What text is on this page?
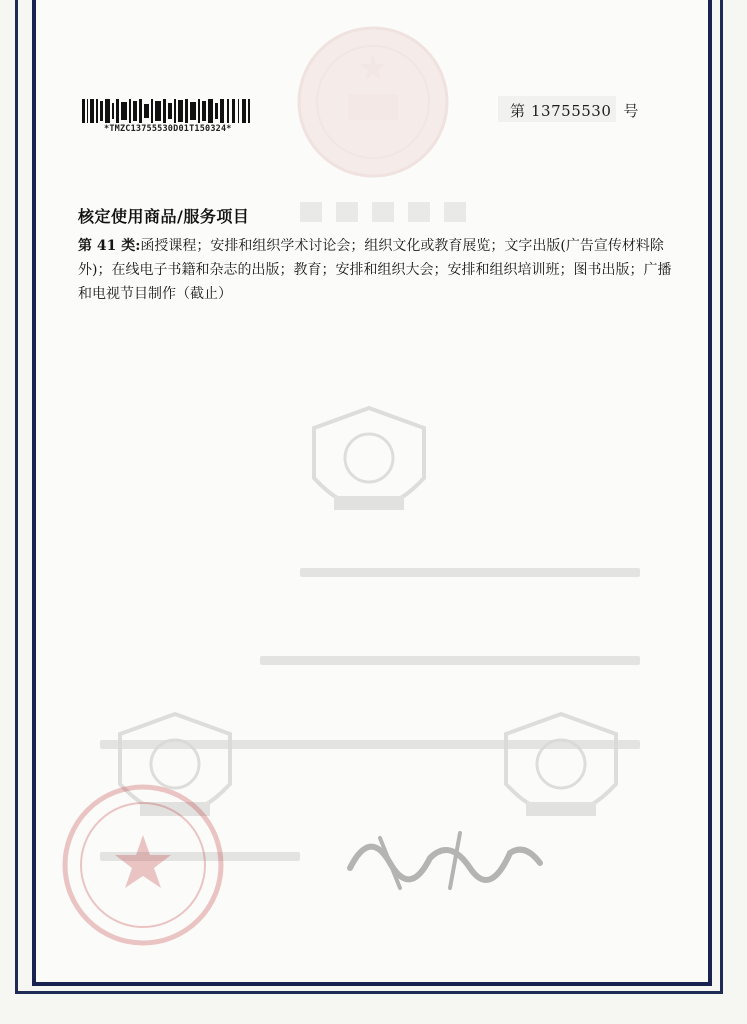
*TMZC13755530D01T150324*
第 13755530 号
核定使用商品/服务项目
第 41 类:函授课程；安排和组织学术讨论会；组织文化或教育展览；文字出版(广告宣传材料除外)；在线电子书籍和杂志的出版；教育；安排和组织大会；安排和组织培训班；图书出版；广播和电视节目制作（截止）
